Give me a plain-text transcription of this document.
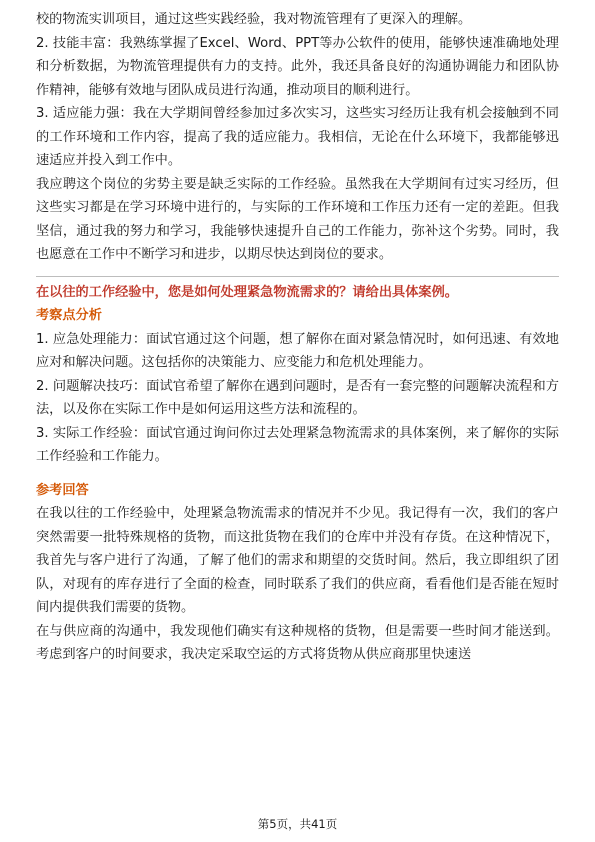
校的物流实训项目，通过这些实践经验，我对物流管理有了更深入的理解。

2. 技能丰富：我熟练掌握了Excel、Word、PPT等办公软件的使用，能够快速准确地处理和分析数据，为物流管理提供有力的支持。此外，我还具备良好的沟通协调能力和团队协作精神，能够有效地与团队成员进行沟通，推动项目的顺利进行。

3. 适应能力强：我在大学期间曾经参加过多次实习，这些实习经历让我有机会接触到不同的工作环境和工作内容，提高了我的适应能力。我相信，无论在什么环境下，我都能够迅速适应并投入到工作中。

我应聘这个岗位的劣势主要是缺乏实际的工作经验。虽然我在大学期间有过实习经历，但这些实习都是在学习环境中进行的，与实际的工作环境和工作压力还有一定的差距。但我坚信，通过我的努力和学习，我能够快速提升自己的工作能力，弥补这个劣势。同时，我也愿意在工作中不断学习和进步，以期尽快达到岗位的要求。

在以往的工作经验中，您是如何处理紧急物流需求的？请给出具体案例。

考察点分析

1. 应急处理能力：面试官通过这个问题，想了解你在面对紧急情况时，如何迅速、有效地应对和解决问题。这包括你的决策能力、应变能力和危机处理能力。

2. 问题解决技巧：面试官希望了解你在遇到问题时，是否有一套完整的问题解决流程和方法，以及你在实际工作中是如何运用这些方法和流程的。

3. 实际工作经验：面试官通过询问你过去处理紧急物流需求的具体案例，来了解你的实际工作经验和工作能力。

参考回答

在我以往的工作经验中，处理紧急物流需求的情况并不少见。我记得有一次，我们的客户突然需要一批特殊规格的货物，而这批货物在我们的仓库中并没有存货。在这种情况下，我首先与客户进行了沟通，了解了他们的需求和期望的交货时间。然后，我立即组织了团队，对现有的库存进行了全面的检查，同时联系了我们的供应商，看看他们是否能在短时间内提供我们需要的货物。

在与供应商的沟通中，我发现他们确实有这种规格的货物，但是需要一些时间才能送到。考虑到客户的时间要求，我决定采取空运的方式将货物从供应商那里快速送

第5页，共41页
